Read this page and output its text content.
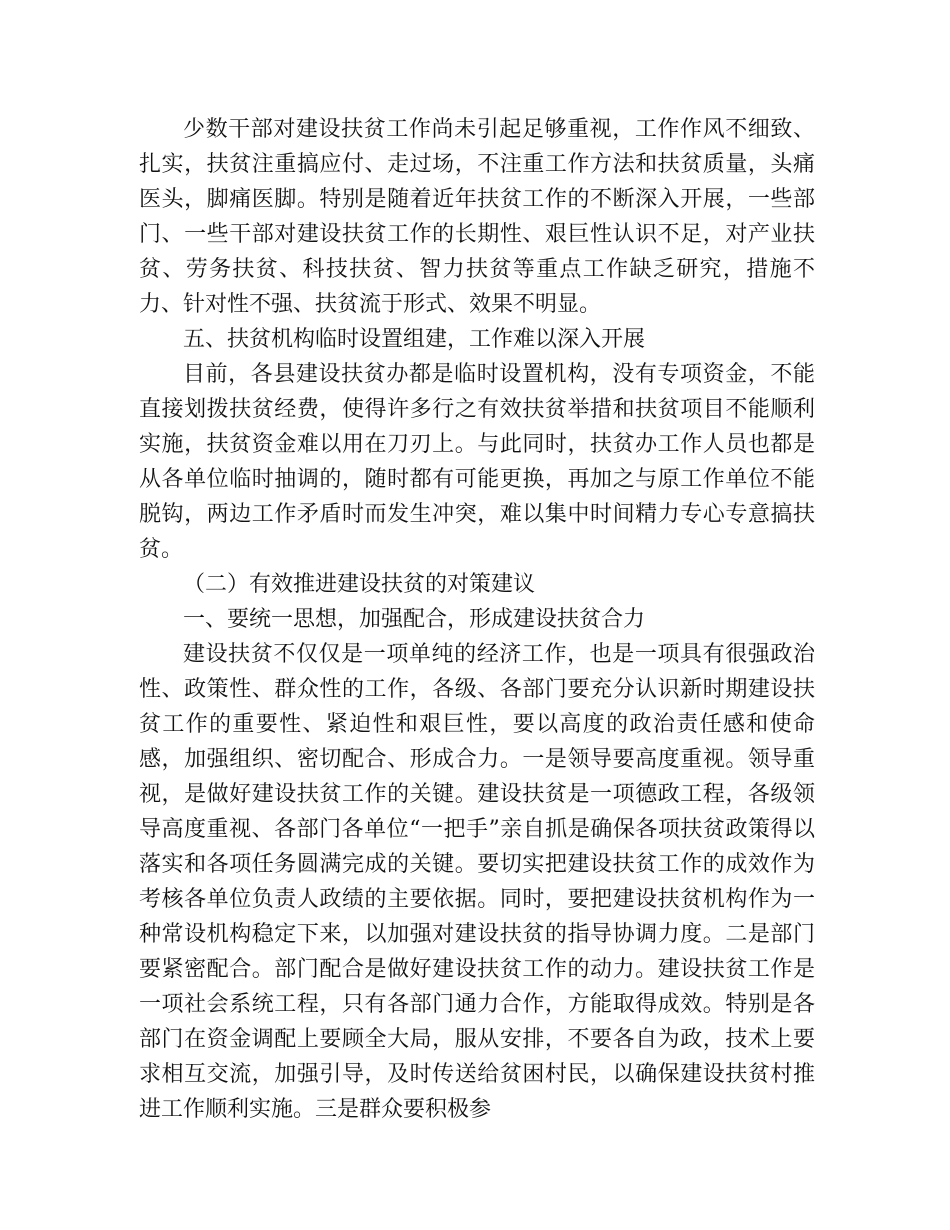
少数干部对建设扶贫工作尚未引起足够重视，工作作风不细致、扎实，扶贫注重搞应付、走过场，不注重工作方法和扶贫质量，头痛医头，脚痛医脚。特别是随着近年扶贫工作的不断深入开展，一些部门、一些干部对建设扶贫工作的长期性、艰巨性认识不足，对产业扶贫、劳务扶贫、科技扶贫、智力扶贫等重点工作缺乏研究，措施不力、针对性不强、扶贫流于形式、效果不明显。

五、扶贫机构临时设置组建，工作难以深入开展

目前，各县建设扶贫办都是临时设置机构，没有专项资金，不能直接划拨扶贫经费，使得许多行之有效扶贫举措和扶贫项目不能顺利实施，扶贫资金难以用在刀刃上。与此同时，扶贫办工作人员也都是从各单位临时抽调的，随时都有可能更换，再加之与原工作单位不能脱钩，两边工作矛盾时而发生冲突，难以集中时间精力专心专意搞扶贫。

（二）有效推进建设扶贫的对策建议

一、要统一思想，加强配合，形成建设扶贫合力

建设扶贫不仅仅是一项单纯的经济工作，也是一项具有很强政治性、政策性、群众性的工作，各级、各部门要充分认识新时期建设扶贫工作的重要性、紧迫性和艰巨性，要以高度的政治责任感和使命感，加强组织、密切配合、形成合力。一是领导要高度重视。领导重视，是做好建设扶贫工作的关键。建设扶贫是一项德政工程，各级领导高度重视、各部门各单位“一把手”亲自抓是确保各项扶贫政策得以落实和各项任务圆满完成的关键。要切实把建设扶贫工作的成效作为考核各单位负责人政绩的主要依据。同时，要把建设扶贫机构作为一种常设机构稳定下来，以加强对建设扶贫的指导协调力度。二是部门要紧密配合。部门配合是做好建设扶贫工作的动力。建设扶贫工作是一项社会系统工程，只有各部门通力合作，方能取得成效。特别是各部门在资金调配上要顾全大局，服从安排，不要各自为政，技术上要求相互交流，加强引导，及时传送给贫困村民，以确保建设扶贫村推进工作顺利实施。三是群众要积极参
